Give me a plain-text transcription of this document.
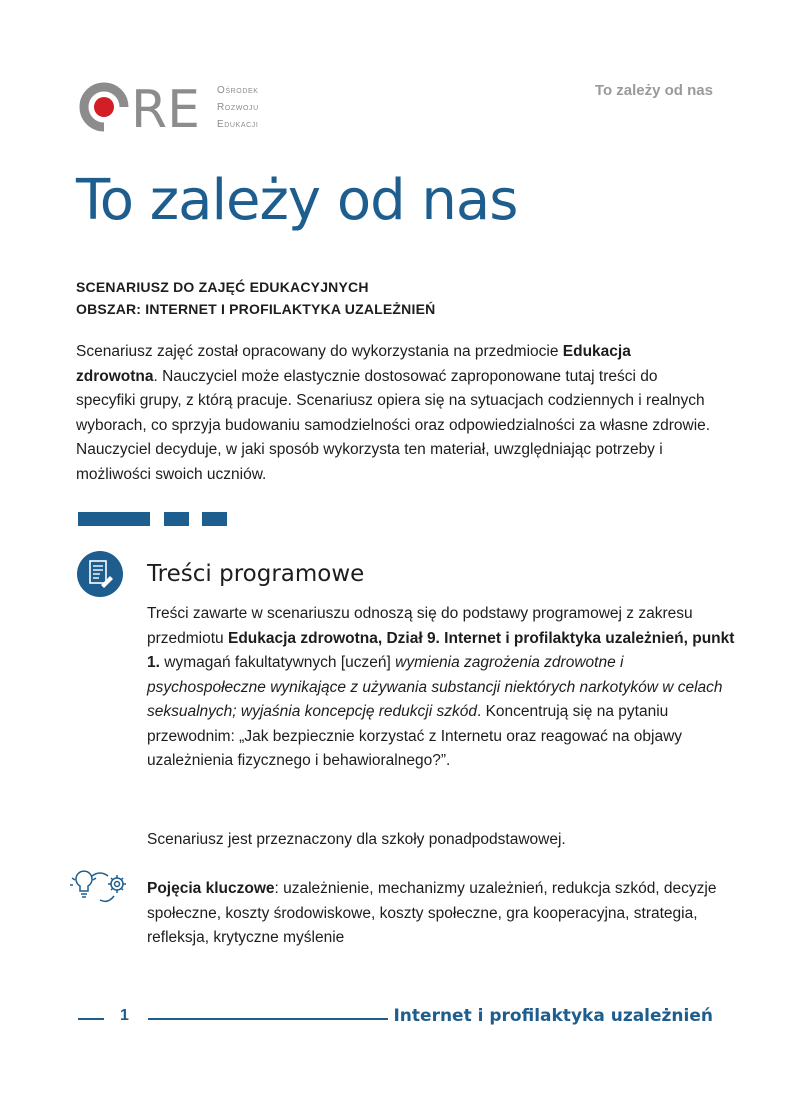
RE Ośrodek
Rozwoju
Edukacji
To zależy od nas
To zależy od nas
SCENARIUSZ DO ZAJĘĆ EDUKACYJNYCH
OBSZAR: INTERNET I PROFILAKTYKA UZALEŻNIEŃ

Scenariusz zajęć został opracowany do wykorzystania na przedmiocie Edukacja zdrowotna. Nauczyciel może elastycznie dostosować zaproponowane tutaj treści do specyfiki grupy, z którą pracuje. Scenariusz opiera się na sytuacjach codziennych i realnych wyborach, co sprzyja budowaniu samodzielności oraz odpowiedzialności za własne zdrowie. Nauczyciel decyduje, w jaki sposób wykorzysta ten materiał, uwzględniając potrzeby i możliwości swoich uczniów.

Treści programowe

Treści zawarte w scenariuszu odnoszą się do podstawy programowej z zakresu przedmiotu Edukacja zdrowotna, Dział 9. Internet i profilaktyka uzależnień, punkt 1. wymagań fakultatywnych [uczeń] wymienia zagrożenia zdrowotne i psychospołeczne wynikające z używania substancji niektórych narkotyków w celach seksualnych; wyjaśnia koncepcję redukcji szkód. Koncentrują się na pytaniu przewodnim: „Jak bezpiecznie korzystać z Internetu oraz reagować na objawy uzależnienia fizycznego i behawioralnego?”.

Scenariusz jest przeznaczony dla szkoły ponadpodstawowej.

Pojęcia kluczowe: uzależnienie, mechanizmy uzależnień, redukcja szkód, decyzje społeczne, koszty środowiskowe, koszty społeczne, gra kooperacyjna, strategia, refleksja, krytyczne myślenie

1	Internet i profilaktyka uzależnień
